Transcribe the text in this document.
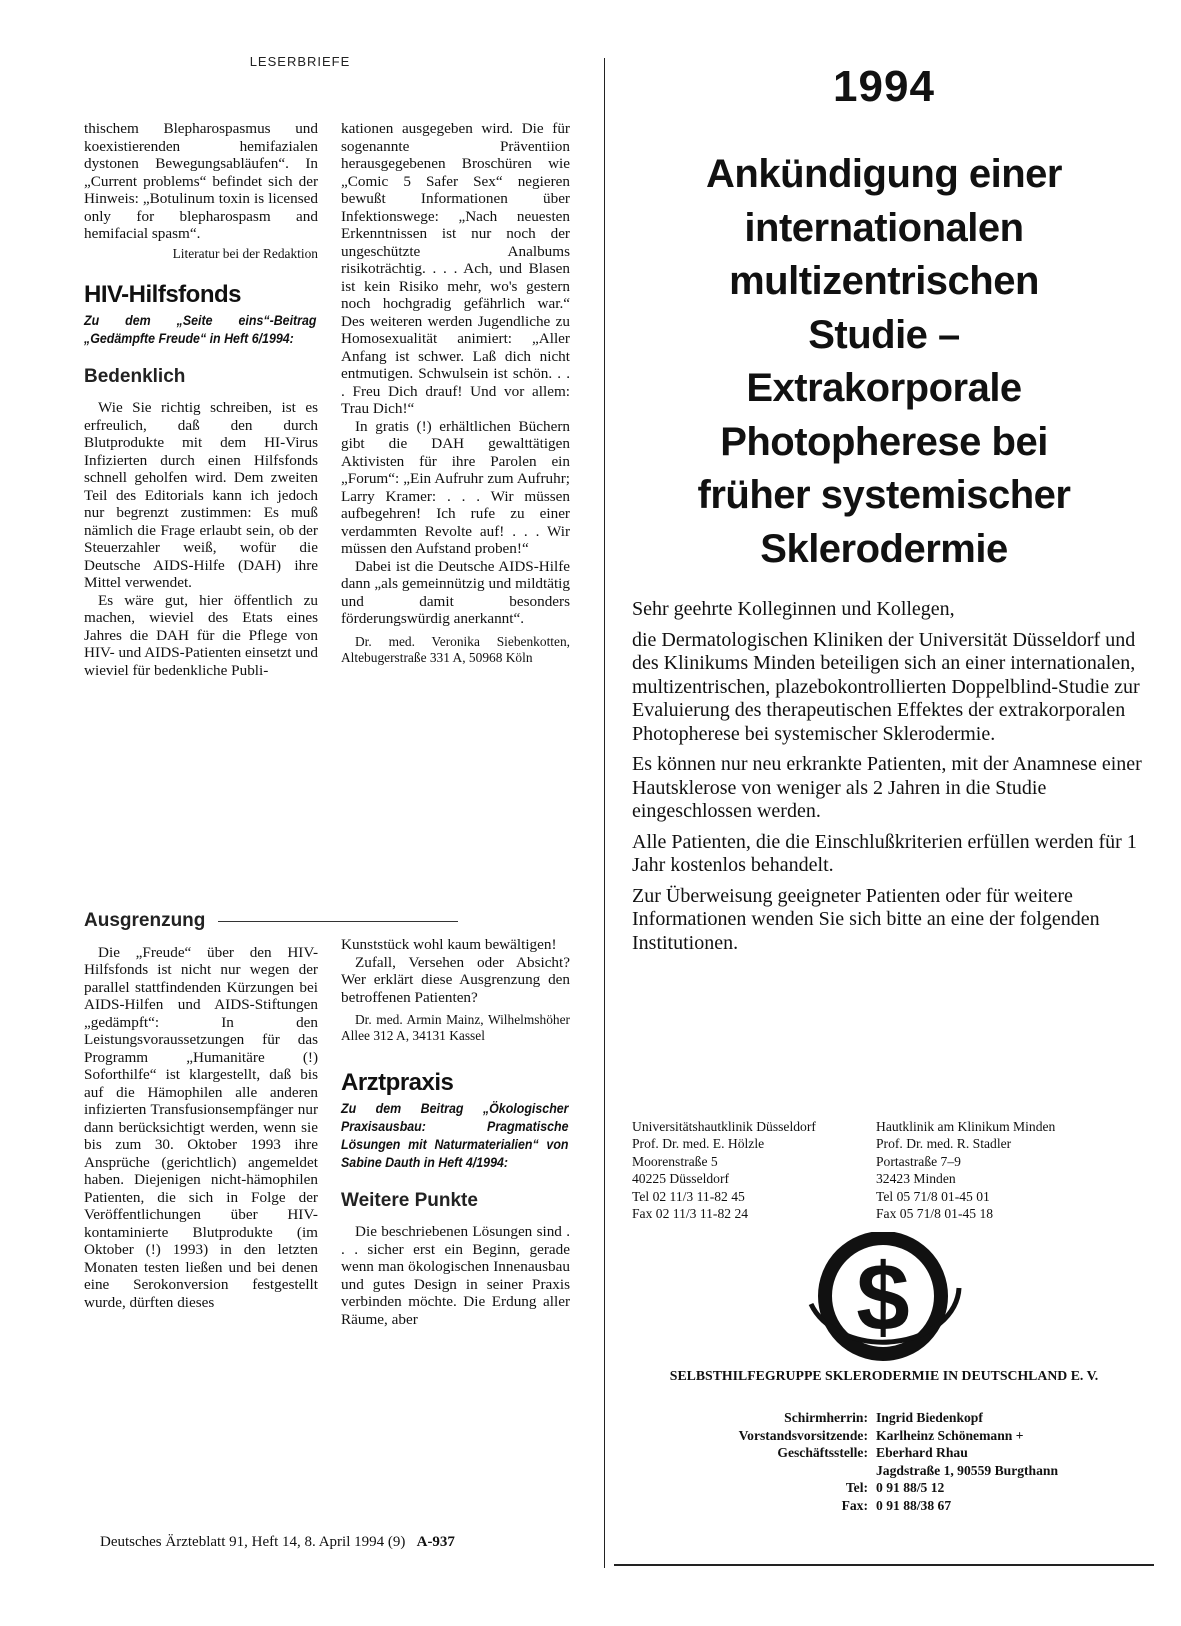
LESERBRIEFE

thischem Blepharospasmus und koexistierenden hemifazialen dystonen Bewegungsabläufen“. In „Current problems“ befindet sich der Hinweis: „Botulinum toxin is licensed only for blepharospasm and hemifacial spasm“.

Literatur bei der Redaktion
HIV-Hilfsfonds
Zu dem „Seite eins“-Beitrag „Gedämpfte Freude“ in Heft 6/1994:
Bedenklich

Wie Sie richtig schreiben, ist es erfreulich, daß den durch Blutprodukte mit dem HI-Virus Infizierten durch einen Hilfsfonds schnell geholfen wird. Dem zweiten Teil des Editorials kann ich jedoch nur begrenzt zustimmen: Es muß nämlich die Frage erlaubt sein, ob der Steuerzahler weiß, wofür die Deutsche AIDS-Hilfe (DAH) ihre Mittel verwendet.

Es wäre gut, hier öffentlich zu machen, wieviel des Etats eines Jahres die DAH für die Pflege von HIV- und AIDS-Patienten einsetzt und wieviel für bedenkliche Publi-

kationen ausgegeben wird. Die für sogenannte Präventiion herausgegebenen Broschüren wie „Comic 5 Safer Sex“ negieren bewußt Informationen über Infektionswege: „Nach neuesten Erkenntnissen ist nur noch der ungeschützte Analbums risikoträchtig. . . . Ach, und Blasen ist kein Risiko mehr, wo's gestern noch hochgradig gefährlich war.“ Des weiteren werden Jugendliche zu Homosexualität animiert: „Aller Anfang ist schwer. Laß dich nicht entmutigen. Schwulsein ist schön. . . . Freu Dich drauf! Und vor allem: Trau Dich!“

In gratis (!) erhältlichen Büchern gibt die DAH gewalttätigen Aktivisten für ihre Parolen ein „Forum“: „Ein Aufruhr zum Aufruhr; Larry Kramer: . . . Wir müssen aufbegehren! Ich rufe zu einer verdammten Revolte auf! . . . Wir müssen den Aufstand proben!“

Dabei ist die Deutsche AIDS-Hilfe dann „als gemeinnützig und mildtätig und damit besonders förderungswürdig anerkannt“.

Dr. med. Veronika Siebenkotten, Altebugerstraße 331 A, 50968 Köln
Ausgrenzung

Die „Freude“ über den HIV-Hilfsfonds ist nicht nur wegen der parallel stattfindenden Kürzungen bei AIDS-Hilfen und AIDS-Stiftungen „gedämpft“: In den Leistungsvoraussetzungen für das Programm „Humanitäre (!) Soforthilfe“ ist klargestellt, daß bis auf die Hämophilen alle anderen infizierten Transfusionsempfänger nur dann berücksichtigt werden, wenn sie bis zum 30. Oktober 1993 ihre Ansprüche (gerichtlich) angemeldet haben. Diejenigen nicht-hämophilen Patienten, die sich in Folge der Veröffentlichungen über HIV-kontaminierte Blutprodukte (im Oktober (!) 1993) in den letzten Monaten testen ließen und bei denen eine Serokonversion festgestellt wurde, dürften dieses

Kunststück wohl kaum bewältigen!

Zufall, Versehen oder Absicht? Wer erklärt diese Ausgrenzung den betroffenen Patienten?

Dr. med. Armin Mainz, Wilhelmshöher Allee 312 A, 34131 Kassel
Arztpraxis
Zu dem Beitrag „Ökologischer Praxisausbau: Pragmatische Lösungen mit Naturmaterialien“ von Sabine Dauth in Heft 4/1994:
Weitere Punkte

Die beschriebenen Lösungen sind . . . sicher erst ein Beginn, gerade wenn man ökologischen Innenausbau und gutes Design in seiner Praxis verbinden möchte. Die Erdung aller Räume, aber

1994
Ankündigung einer
internationalen
multizentrischen
Studie –
Extrakorporale
Photopherese bei
früher systemischer
Sklerodermie

Sehr geehrte Kolleginnen und Kollegen,

die Dermatologischen Kliniken der Universität Düsseldorf und des Klinikums Minden beteiligen sich an einer internationalen, multizentrischen, plazebokontrollierten Doppelblind-Studie zur Evaluierung des therapeutischen Effektes der extrakorporalen Photopherese bei systemischer Sklerodermie.

Es können nur neu erkrankte Patienten, mit der Anamnese einer Hautsklerose von weniger als 2 Jahren in die Studie eingeschlossen werden.

Alle Patienten, die die Einschlußkriterien erfüllen werden für 1 Jahr kostenlos behandelt.

Zur Überweisung geeigneter Patienten oder für weitere Informationen wenden Sie sich bitte an eine der folgenden Institutionen.

Universitätshautklinik Düsseldorf
Prof. Dr. med. E. Hölzle
Moorenstraße 5
40225 Düsseldorf
Tel 02 11/3 11-82 45
Fax 02 11/3 11-82 24
Hautklinik am Klinikum Minden
Prof. Dr. med. R. Stadler
Portastraße 7–9
32423 Minden
Tel 05 71/8 01-45 01
Fax 05 71/8 01-45 18
$
SELBSTHILFEGRUPPE SKLERODERMIE IN DEUTSCHLAND E. V.
Schirmherrin: Ingrid Biedenkopf
Vorstandsvorsitzende: Karlheinz Schönemann +
Geschäftsstelle: Eberhard Rhau
Jagdstraße 1, 90559 Burgthann
Tel: 0 91 88/5 12
Fax: 0 91 88/38 67
Deutsches Ärzteblatt 91, Heft 14, 8. April 1994 (9) A-937
